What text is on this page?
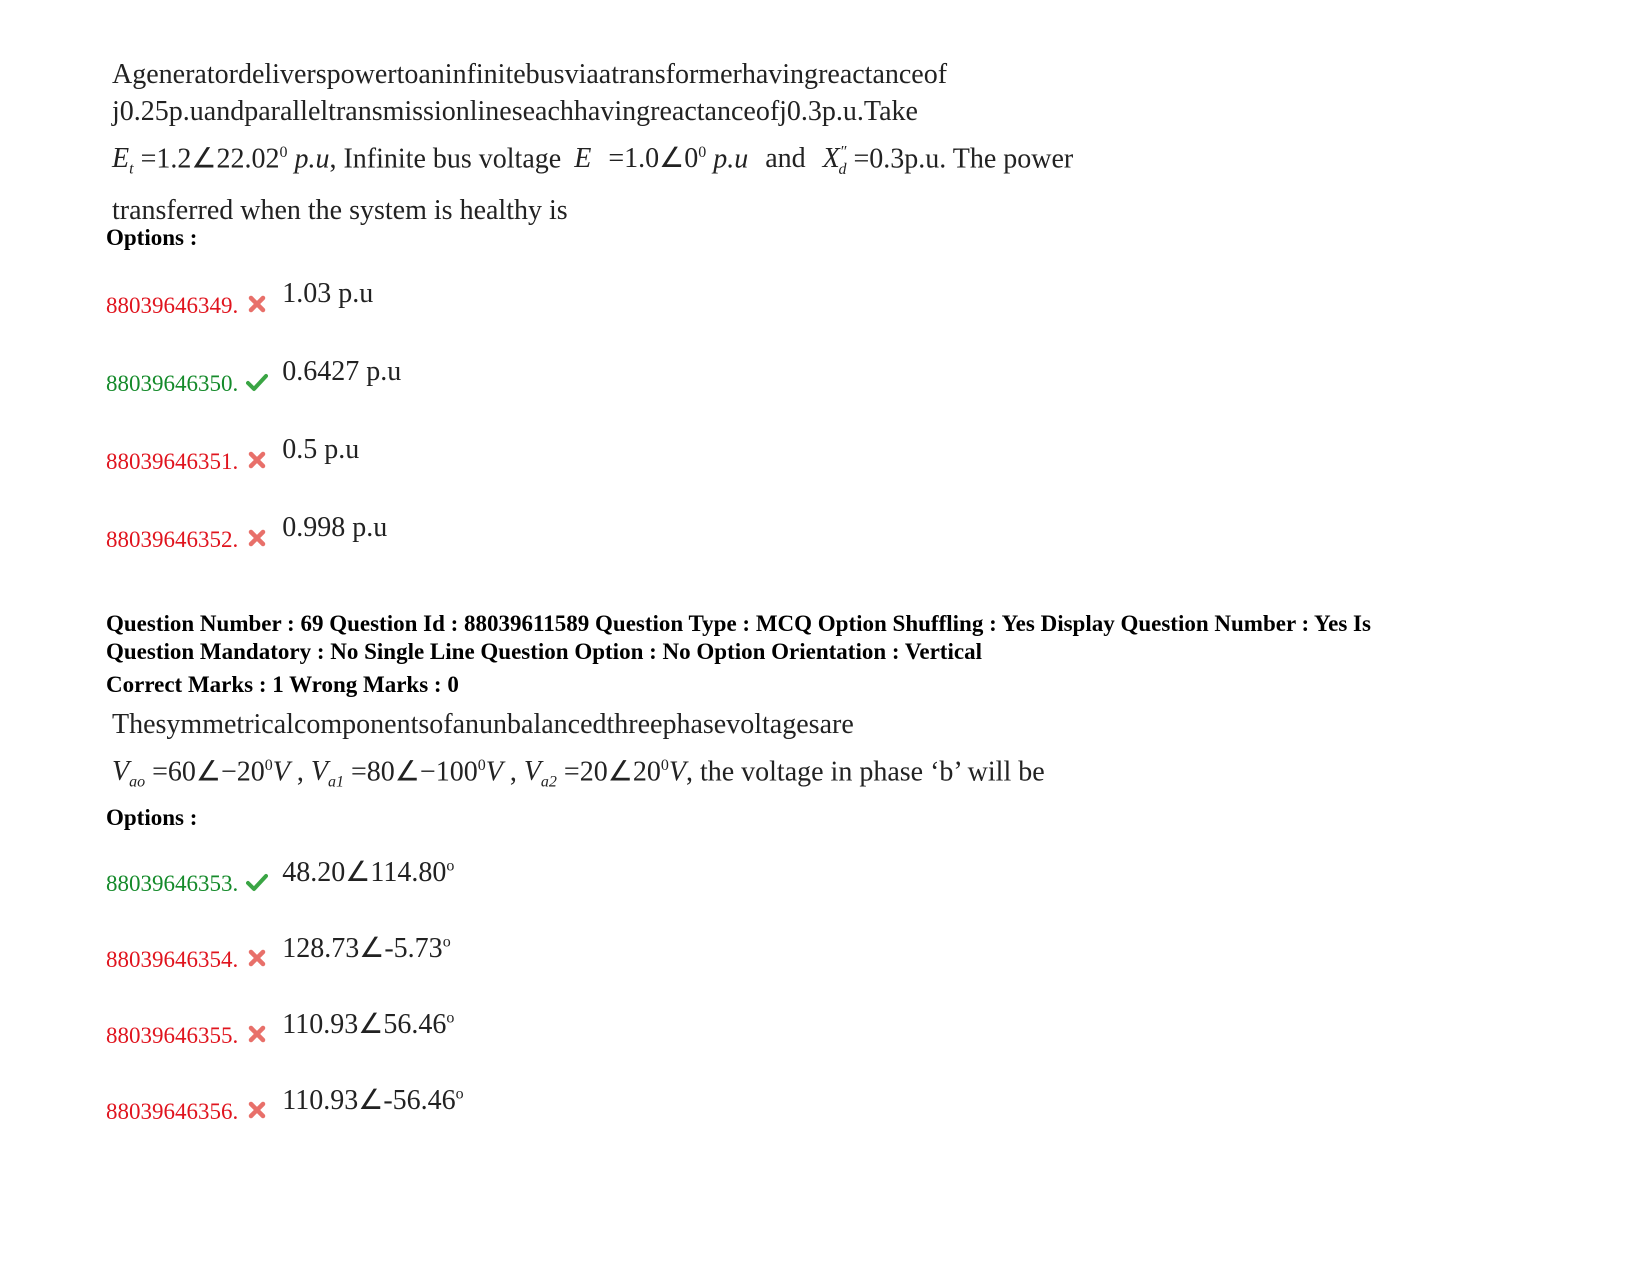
Ageneratordeliverspowertoaninfinitebusviaatransformerhavingreactanceof
j0.25p.uandparalleltransmissionlineseachhavingreactanceofj0.3p.u.Take
$E_t$ $=1.2\angle 22.02^0$ p.u, Infinite bus voltage $E =1.0\angle 0^0$ p.u and $X''_d =0.3p.u$. The power
transferred when the system is healthy is
Options :
88039646349. 1.03 p.u
88039646350. 0.6427 p.u
88039646351. 0.5 p.u
88039646352. 0.998 p.u
Question Number : 69 Question Id : 88039611589 Question Type : MCQ Option Shuffling : Yes Display Question Number : Yes Is
Question Mandatory : No Single Line Question Option : No Option Orientation : Vertical
Correct Marks : 1 Wrong Marks : 0
Thesymmetricalcomponentsofanunbalancedthreephasevoltagesare
$V_{ao}$ $=60\angle-20^0V$ , $V_{a1}$ $=80\angle-100^0V$ , $V_{a2}$ $=20\angle 20^0V$, the voltage in phase ‘b’ will be
Options :
88039646353. 48.20∠114.80$^o$
88039646354. 128.73∠-5.73$^o$
88039646355. 110.93∠56.46$^o$
88039646356. 110.93∠-56.46$^o$
